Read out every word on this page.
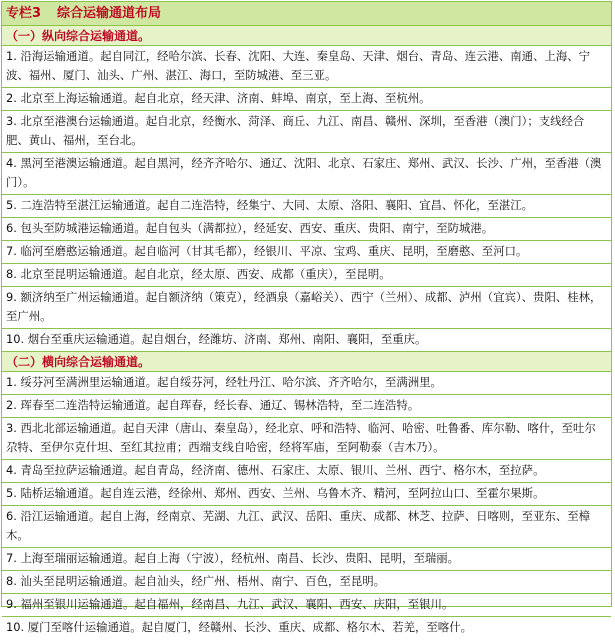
专栏3 综合运输通道布局
（一）纵向综合运输通道。
1. 沿海运输通道。起自同江，经哈尔滨、长春、沈阳、大连、秦皇岛、天津、烟台、青岛、连云港、南通、上海、宁波、福州、厦门、汕头、广州、湛江、海口，至防城港、至三亚。
2. 北京至上海运输通道。起自北京，经天津、济南、蚌埠、南京，至上海、至杭州。
3. 北京至港澳台运输通道。起自北京，经衡水、菏泽、商丘、九江、南昌、赣州、深圳，至香港（澳门）；支线经合肥、黄山、福州，至台北。
4. 黑河至港澳运输通道。起自黑河，经齐齐哈尔、通辽、沈阳、北京、石家庄、郑州、武汉、长沙、广州，至香港（澳门）。
5. 二连浩特至湛江运输通道。起自二连浩特，经集宁、大同、太原、洛阳、襄阳、宜昌、怀化，至湛江。
6. 包头至防城港运输通道。起自包头（满都拉），经延安、西安、重庆、贵阳、南宁，至防城港。
7. 临河至磨憨运输通道。起自临河（甘其毛都），经银川、平凉、宝鸡、重庆、昆明，至磨憨、至河口。
8. 北京至昆明运输通道。起自北京，经太原、西安、成都（重庆），至昆明。
9. 额济纳至广州运输通道。起自额济纳（策克），经酒泉（嘉峪关）、西宁（兰州）、成都、泸州（宜宾）、贵阳、桂林，至广州。
10. 烟台至重庆运输通道。起自烟台，经潍坊、济南、郑州、南阳、襄阳，至重庆。
（二）横向综合运输通道。
1. 绥芬河至满洲里运输通道。起自绥芬河，经牡丹江、哈尔滨、齐齐哈尔，至满洲里。
2. 珲春至二连浩特运输通道。起自珲春，经长春、通辽、锡林浩特，至二连浩特。
3. 西北北部运输通道。起自天津（唐山、秦皇岛），经北京、呼和浩特、临河、哈密、吐鲁番、库尔勒、喀什，至吐尔尕特、至伊尔克什坦、至红其拉甫；西端支线自哈密，经将军庙，至阿勒泰（吉木乃）。
4. 青岛至拉萨运输通道。起自青岛，经济南、德州、石家庄、太原、银川、兰州、西宁、格尔木，至拉萨。
5. 陆桥运输通道。起自连云港，经徐州、郑州、西安、兰州、乌鲁木齐、精河，至阿拉山口、至霍尔果斯。
6. 沿江运输通道。起自上海，经南京、芜湖、九江、武汉、岳阳、重庆、成都、林芝、拉萨、日喀则，至亚东、至樟木。
7. 上海至瑞丽运输通道。起自上海（宁波），经杭州、南昌、长沙、贵阳、昆明，至瑞丽。
8. 汕头至昆明运输通道。起自汕头，经广州、梧州、南宁、百色，至昆明。
9. 福州至银川运输通道。起自福州，经南昌、九江、武汉、襄阳、西安、庆阳，至银川。
10. 厦门至喀什运输通道。起自厦门，经赣州、长沙、重庆、成都、格尔木、若羌，至喀什。
